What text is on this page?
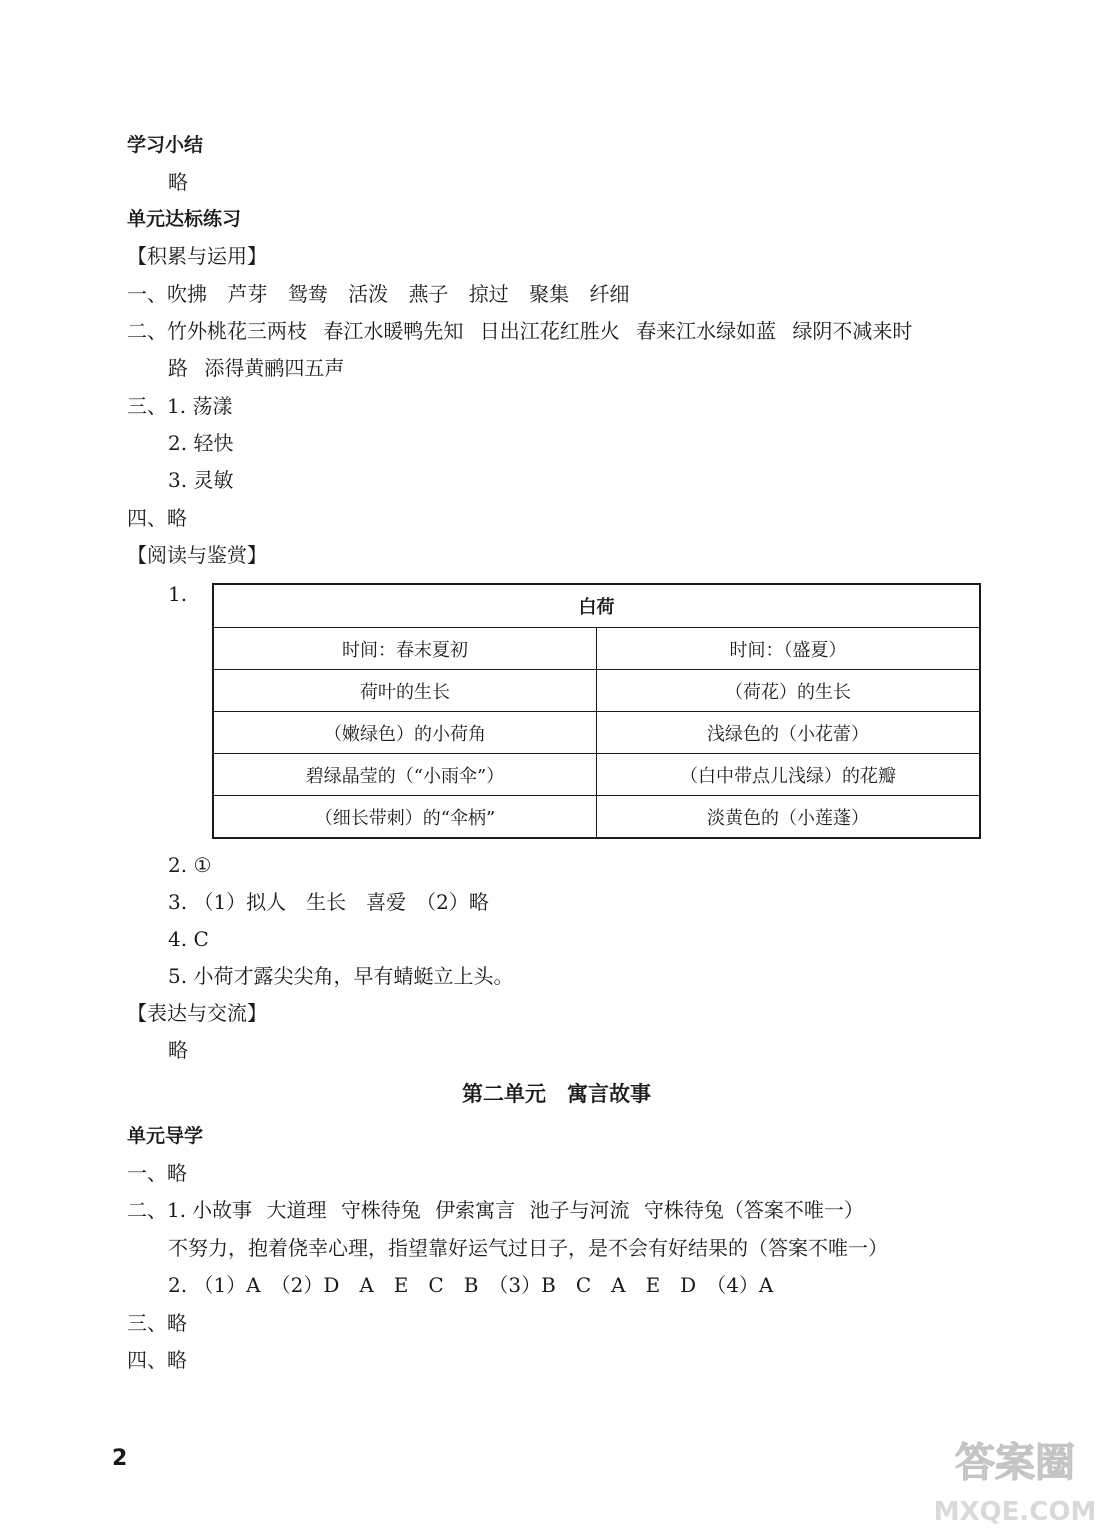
学习小结
略
单元达标练习
【积累与运用】
一、吹拂 芦芽 鸳鸯 活泼 燕子 掠过 聚集 纤细
二、竹外桃花三两枝 春江水暖鸭先知 日出江花红胜火 春来江水绿如蓝 绿阴不减来时
路 添得黄鹂四五声
三、1. 荡漾
2. 轻快
3. 灵敏
四、略
【阅读与鉴赏】
1.
白荷	
时间：春末夏初	时间：（盛夏）
荷叶的生长	（荷花）的生长
（嫩绿色）的小荷角	浅绿色的（小花蕾）
碧绿晶莹的（“小雨伞”）	（白中带点儿浅绿）的花瓣
（细长带刺）的“伞柄”	淡黄色的（小莲蓬）
2. ①
3. （1）拟人　生长　喜爱　（2）略
4. C
5. 小荷才露尖尖角，早有蜻蜓立上头。
【表达与交流】
略
第二单元　寓言故事
单元导学
一、略
二、1. 小故事 大道理 守株待兔 伊索寓言 池子与河流 守株待兔（答案不唯一）
不努力，抱着侥幸心理，指望靠好运气过日子，是不会有好结果的（答案不唯一）
2. （1）A　（2）D　A　E　C　B　（3）B　C　A　E　D　（4）A
三、略
四、略
2	答案圈
MXQE.COM
